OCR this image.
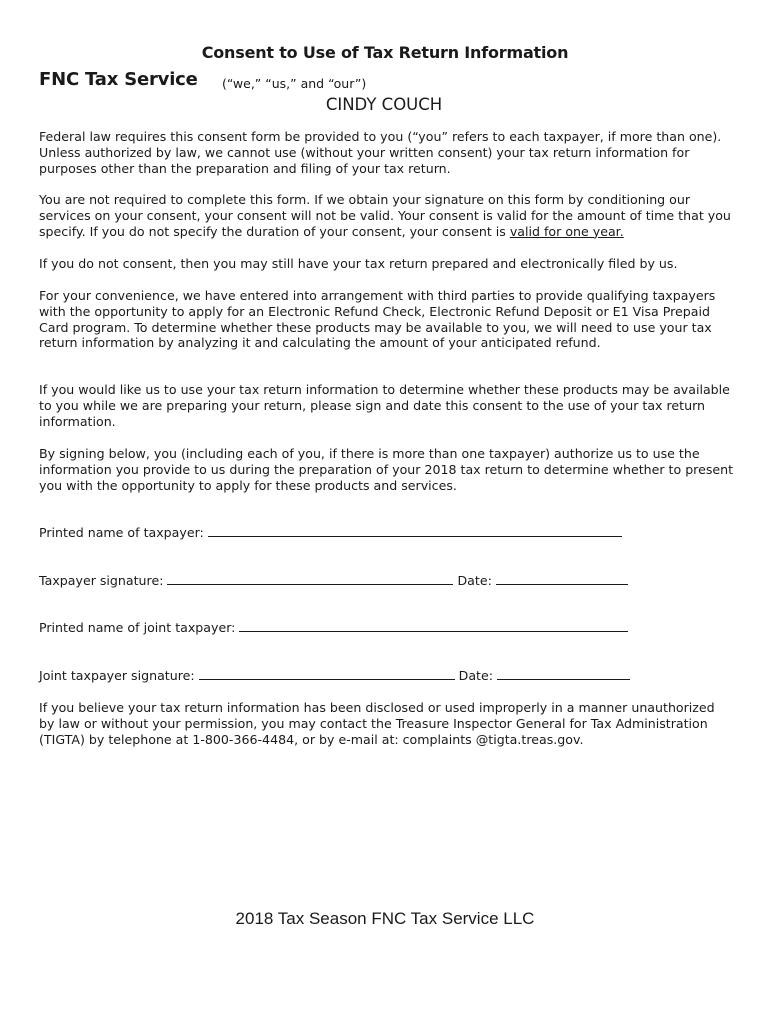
Consent to Use of Tax Return Information
FNC Tax Service (“we,” “us,” and “our”)
CINDY COUCH
Federal law requires this consent form be provided to you (“you” refers to each taxpayer, if more than one). Unless authorized by law, we cannot use (without your written consent) your tax return information for purposes other than the preparation and filing of your tax return.
You are not required to complete this form. If we obtain your signature on this form by conditioning our services on your consent, your consent will not be valid. Your consent is valid for the amount of time that you specify. If you do not specify the duration of your consent, your consent is valid for one year.
If you do not consent, then you may still have your tax return prepared and electronically filed by us.
For your convenience, we have entered into arrangement with third parties to provide qualifying taxpayers with the opportunity to apply for an Electronic Refund Check, Electronic Refund Deposit or E1 Visa Prepaid Card program. To determine whether these products may be available to you, we will need to use your tax return information by analyzing it and calculating the amount of your anticipated refund.
If you would like us to use your tax return information to determine whether these products may be available to you while we are preparing your return, please sign and date this consent to the use of your tax return information.
By signing below, you (including each of you, if there is more than one taxpayer) authorize us to use the information you provide to us during the preparation of your 2018 tax return to determine whether to present you with the opportunity to apply for these products and services.
Printed name of taxpayer:
Taxpayer signature:	Date:
Printed name of joint taxpayer:
Joint taxpayer signature:	Date:
If you believe your tax return information has been disclosed or used improperly in a manner unauthorized by law or without your permission, you may contact the Treasure Inspector General for Tax Administration (TIGTA) by telephone at 1-800-366-4484, or by e-mail at: complaints @tigta.treas.gov.
2018 Tax Season FNC Tax Service LLC
